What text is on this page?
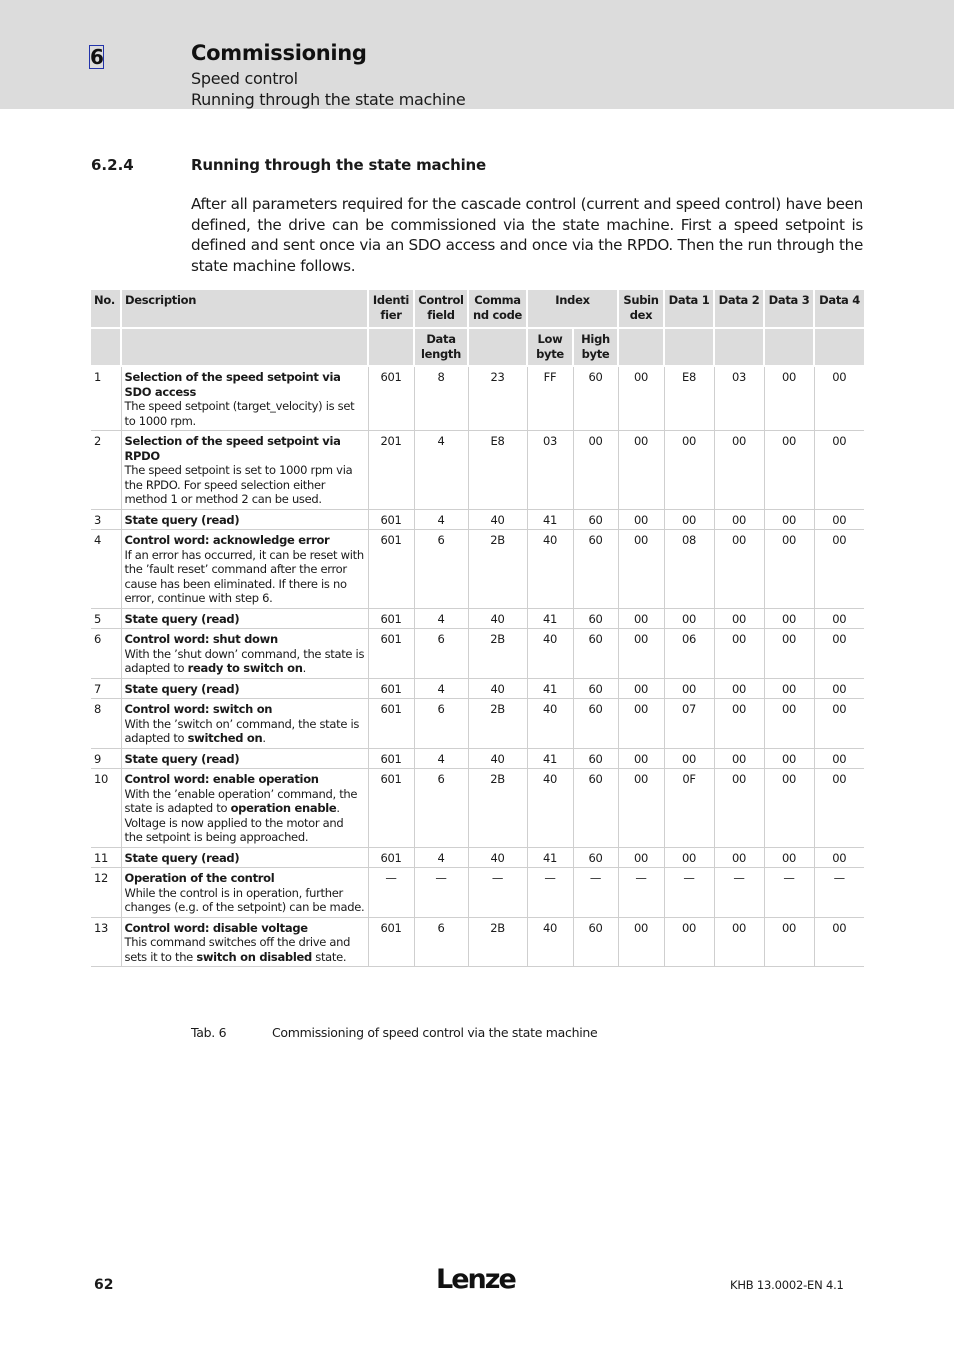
6	Commissioning
Speed control
Running through the state machine
6.2.4	Running through the state machine

After all parameters required for the cascade control (current and speed control) have been defined, the drive can be commissioned via the state machine. First a speed setpoint is defined and sent once via an SDO access and once via the RPDO. Then the run through the state machine follows.

No.	Description	Identi fier	Control field	Comma nd code	Index		Subin dex	Data 1	Data 2	Data 3	Data 4
			Data length		Low byte	High byte					
1	Selection of the speed setpoint via SDO access
The speed setpoint (target_velocity) is set to 1000 rpm.	601	8	23	FF	60	00	E8	03	00	00
2	Selection of the speed setpoint via RPDO
The speed setpoint is set to 1000 rpm via the RPDO. For speed selection either method 1 or method 2 can be used.	201	4	E8	03	00	00	00	00	00	00
3	State query (read)	601	4	40	41	60	00	00	00	00	00
4	Control word: acknowledge error
If an error has occurred, it can be reset with the ’fault reset’ command after the error cause has been eliminated. If there is no error, continue with step 6.	601	6	2B	40	60	00	08	00	00	00
5	State query (read)	601	4	40	41	60	00	00	00	00	00
6	Control word: shut down
With the ’shut down’ command, the state is adapted to ready to switch on.	601	6	2B	40	60	00	06	00	00	00
7	State query (read)	601	4	40	41	60	00	00	00	00	00
8	Control word: switch on
With the ’switch on’ command, the state is adapted to switched on.	601	6	2B	40	60	00	07	00	00	00
9	State query (read)	601	4	40	41	60	00	00	00	00	00
10	Control word: enable operation
With the ’enable operation’ command, the state is adapted to operation enable. Voltage is now applied to the motor and the setpoint is being approached.	601	6	2B	40	60	00	0F	00	00	00
11	State query (read)	601	4	40	41	60	00	00	00	00	00
12	Operation of the control
While the control is in operation, further changes (e.g. of the setpoint) can be made.	—	—	—	—	—	—	—	—	—	—
13	Control word: disable voltage
This command switches off the drive and sets it to the switch on disabled state.	601	6	2B	40	60	00	00	00	00	00
Tab. 6	Commissioning of speed control via the state machine
62	Lenze	KHB 13.0002-EN 4.1
